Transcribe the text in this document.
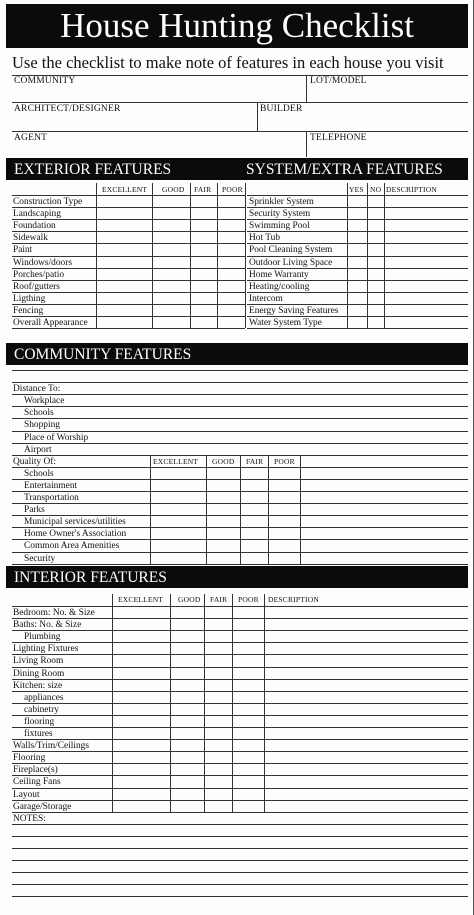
House Hunting Checklist
Use the checklist to make note of features in each house you visit
COMMUNITY	LOT/MODEL
ARCHITECT/DESIGNER	BUILDER
AGENT	TELEPHONE
EXTERIOR FEATURES	SYSTEM/EXTRA FEATURES
EXCELLENT GOOD FAIR POOR	YES NO DESCRIPTION
Construction Type
Landscaping
Foundation
Sidewalk
Paint
Windows/doors
Porches/patio
Roof/gutters
Ligthing
Fencing
Overall Appearance
Sprinkler System
Security System
Swimming Pool
Hot Tub
Pool Cleaning System
Outdoor Living Space
Home Warranty
Heating/cooling
Intercom
Energy Saving Features
Water System Type
COMMUNITY FEATURES
Distance To:
Workplace
Schools
Shopping
Place of Worship
Airport
Quality Of:	EXCELLENT GOOD FAIR POOR
Schools
Entertainment
Transportation
Parks
Municipal services/utilities
Home Owner's Association
Common Area Amenities
Security
INTERIOR FEATURES
EXCELLENT GOOD FAIR POOR DESCRIPTION
Bedroom: No. & Size
Baths: No. & Size
Plumbing
Lighting Fixtures
Living Room
Dining Room
Kitchen: size
appliances
cabinetry
flooring
fixtures
Walls/Trim/Ceilings
Flooring
Fireplace(s)
Ceiling Fans
Layout
Garage/Storage
NOTES:
